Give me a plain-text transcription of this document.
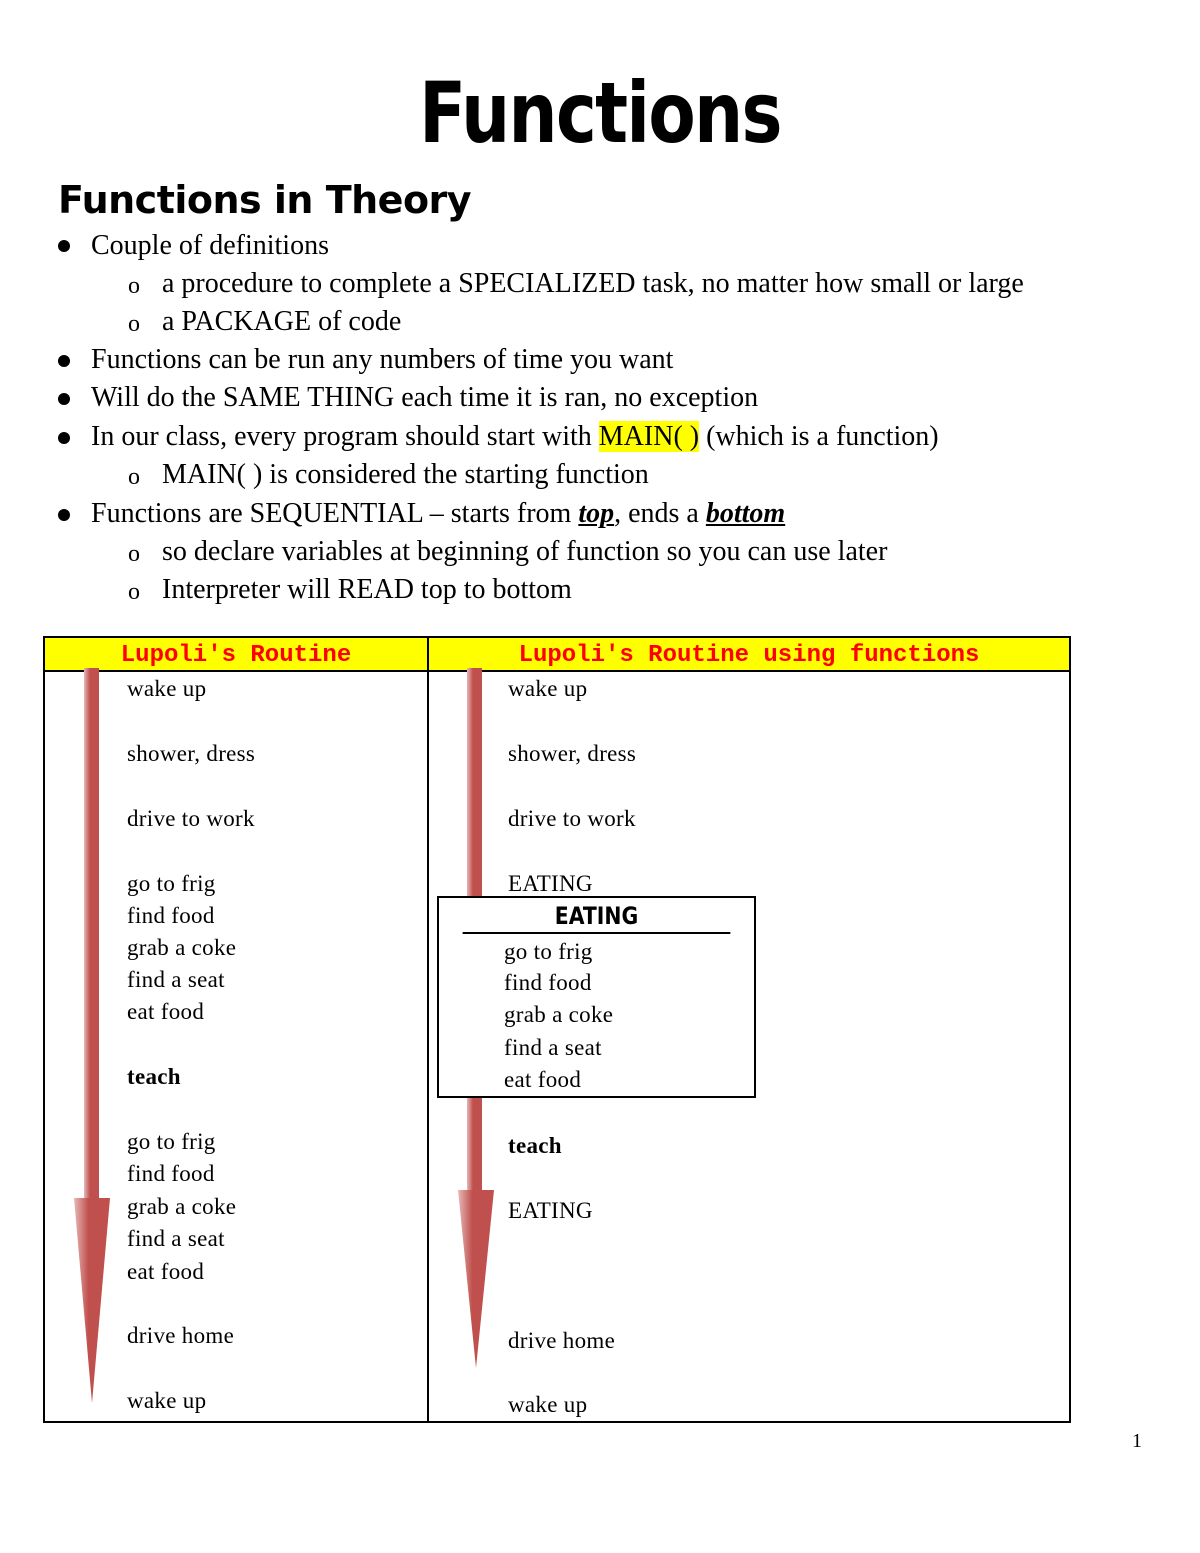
Functions
Functions in Theory
Couple of definitions
o a procedure to complete a SPECIALIZED task, no matter how small or large
o a PACKAGE of code
Functions can be run any numbers of time you want
Will do the SAME THING each time it is ran, no exception
In our class, every program should start with MAIN( ) (which is a function)
o MAIN( ) is considered the starting function
Functions are SEQUENTIAL – starts from top, ends a bottom
o so declare variables at beginning of function so you can use later
o Interpreter will READ top to bottom
Lupoli's Routine	Lupoli's Routine using functions
wake up
shower, dress
drive to work
go to frig
find food
grab a coke
find a seat
eat food
teach
go to frig
find food
grab a coke
find a seat
eat food
drive home
wake up
wake up
shower, dress
drive to work
EATING
EATING
go to frig
find food
grab a coke
find a seat
eat food
teach
EATING
drive home
wake up
1
